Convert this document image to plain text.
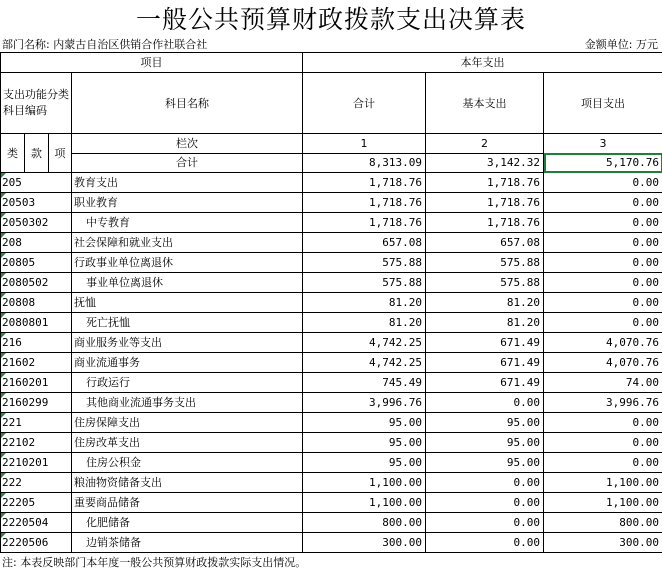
一般公共预算财政拨款支出决算表
部门名称: 内蒙古自治区供销合作社联合社	金额单位: 万元
项目				本年支出		
支出功能分类科目编码			科目名称	合计	基本支出	项目支出
类	款	项	栏次	1	2	3
			合计	8,313.09	3,142.32	5,170.76
205			教育支出	1,718.76	1,718.76	0.00
20503			职业教育	1,718.76	1,718.76	0.00
2050302			中专教育	1,718.76	1,718.76	0.00
208			社会保障和就业支出	657.08	657.08	0.00
20805			行政事业单位离退休	575.88	575.88	0.00
2080502			事业单位离退休	575.88	575.88	0.00
20808			抚恤	81.20	81.20	0.00
2080801			死亡抚恤	81.20	81.20	0.00
216			商业服务业等支出	4,742.25	671.49	4,070.76
21602			商业流通事务	4,742.25	671.49	4,070.76
2160201			行政运行	745.49	671.49	74.00
2160299			其他商业流通事务支出	3,996.76	0.00	3,996.76
221			住房保障支出	95.00	95.00	0.00
22102			住房改革支出	95.00	95.00	0.00
2210201			住房公积金	95.00	95.00	0.00
222			粮油物资储备支出	1,100.00	0.00	1,100.00
22205			重要商品储备	1,100.00	0.00	1,100.00
2220504			化肥储备	800.00	0.00	800.00
2220506			边销茶储备	300.00	0.00	300.00
注: 本表反映部门本年度一般公共预算财政拨款实际支出情况。
